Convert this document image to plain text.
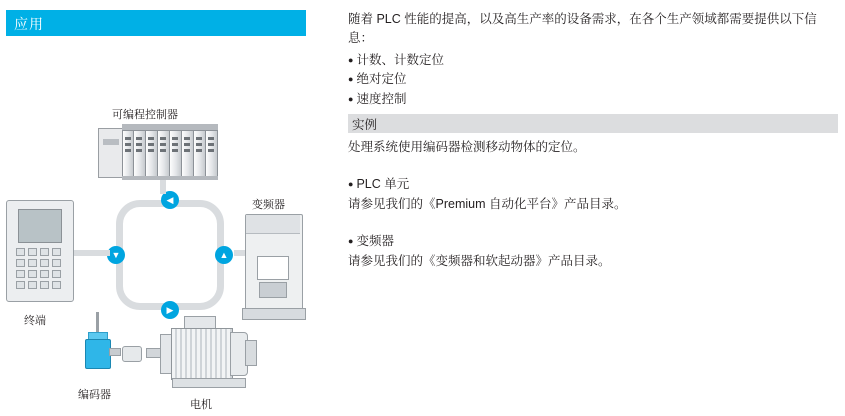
应用
可编程控制器
◀
▼	▲
▶
变频器
终端
编码器
电机

随着 PLC 性能的提高，以及高生产率的设备需求，在各个生产领域都需要提供以下信息：

● 计数、计数定位
● 绝对定位
● 速度控制
实例

处理系统使用编码器检测移动物体的定位。

● PLC 单元

请参见我们的《Premium 自动化平台》产品目录。

● 变频器

请参见我们的《变频器和软起动器》产品目录。
